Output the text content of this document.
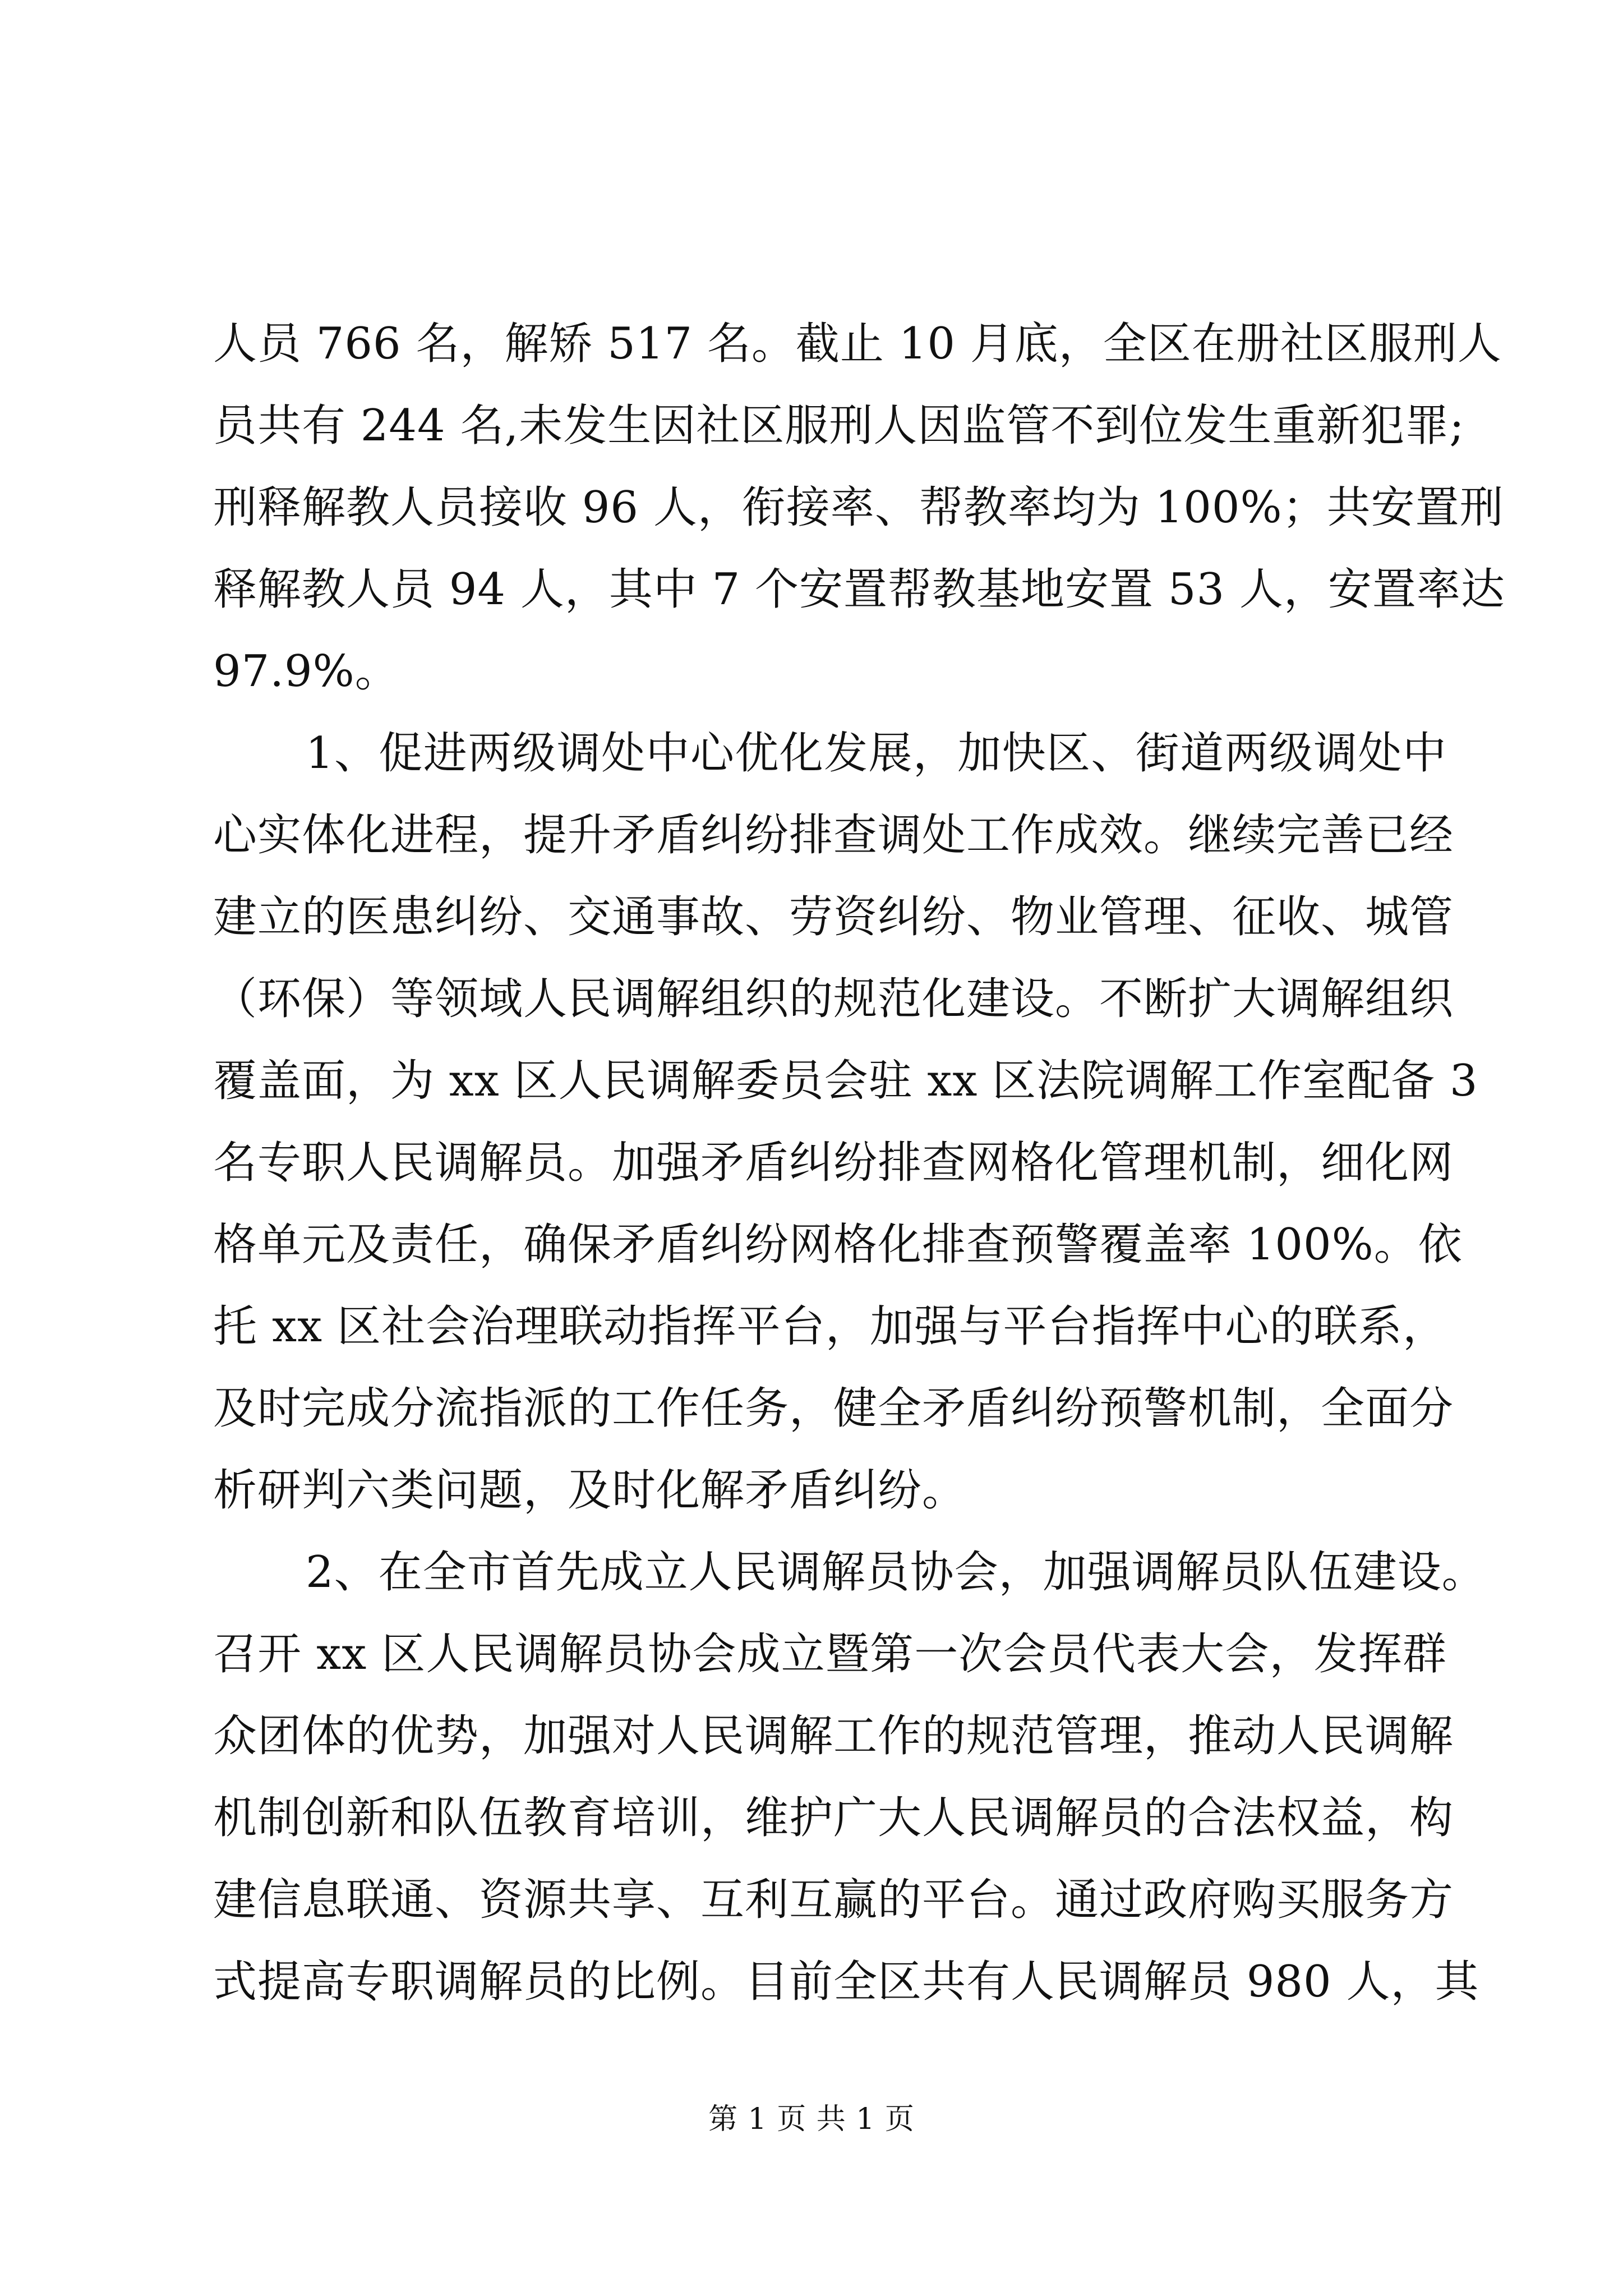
人员 766 名，解矫 517 名。截止 10 月底，全区在册社区服刑人
员共有 244 名,未发生因社区服刑人因监管不到位发生重新犯罪;
刑释解教人员接收 96 人，衔接率、帮教率均为 100%；共安置刑
释解教人员 94 人，其中 7 个安置帮教基地安置 53 人，安置率达
97.9%。
1、促进两级调处中心优化发展，加快区、街道两级调处中
心实体化进程，提升矛盾纠纷排查调处工作成效。继续完善已经
建立的医患纠纷、交通事故、劳资纠纷、物业管理、征收、城管
（环保）等领域人民调解组织的规范化建设。不断扩大调解组织
覆盖面，为 xx 区人民调解委员会驻 xx 区法院调解工作室配备 3
名专职人民调解员。加强矛盾纠纷排查网格化管理机制，细化网
格单元及责任，确保矛盾纠纷网格化排查预警覆盖率 100%。依
托 xx 区社会治理联动指挥平台，加强与平台指挥中心的联系，
及时完成分流指派的工作任务，健全矛盾纠纷预警机制，全面分
析研判六类问题，及时化解矛盾纠纷。
2、在全市首先成立人民调解员协会，加强调解员队伍建设。
召开 xx 区人民调解员协会成立暨第一次会员代表大会，发挥群
众团体的优势，加强对人民调解工作的规范管理，推动人民调解
机制创新和队伍教育培训，维护广大人民调解员的合法权益，构
建信息联通、资源共享、互利互赢的平台。通过政府购买服务方
式提高专职调解员的比例。目前全区共有人民调解员 980 人，其
第 1 页 共 1 页
